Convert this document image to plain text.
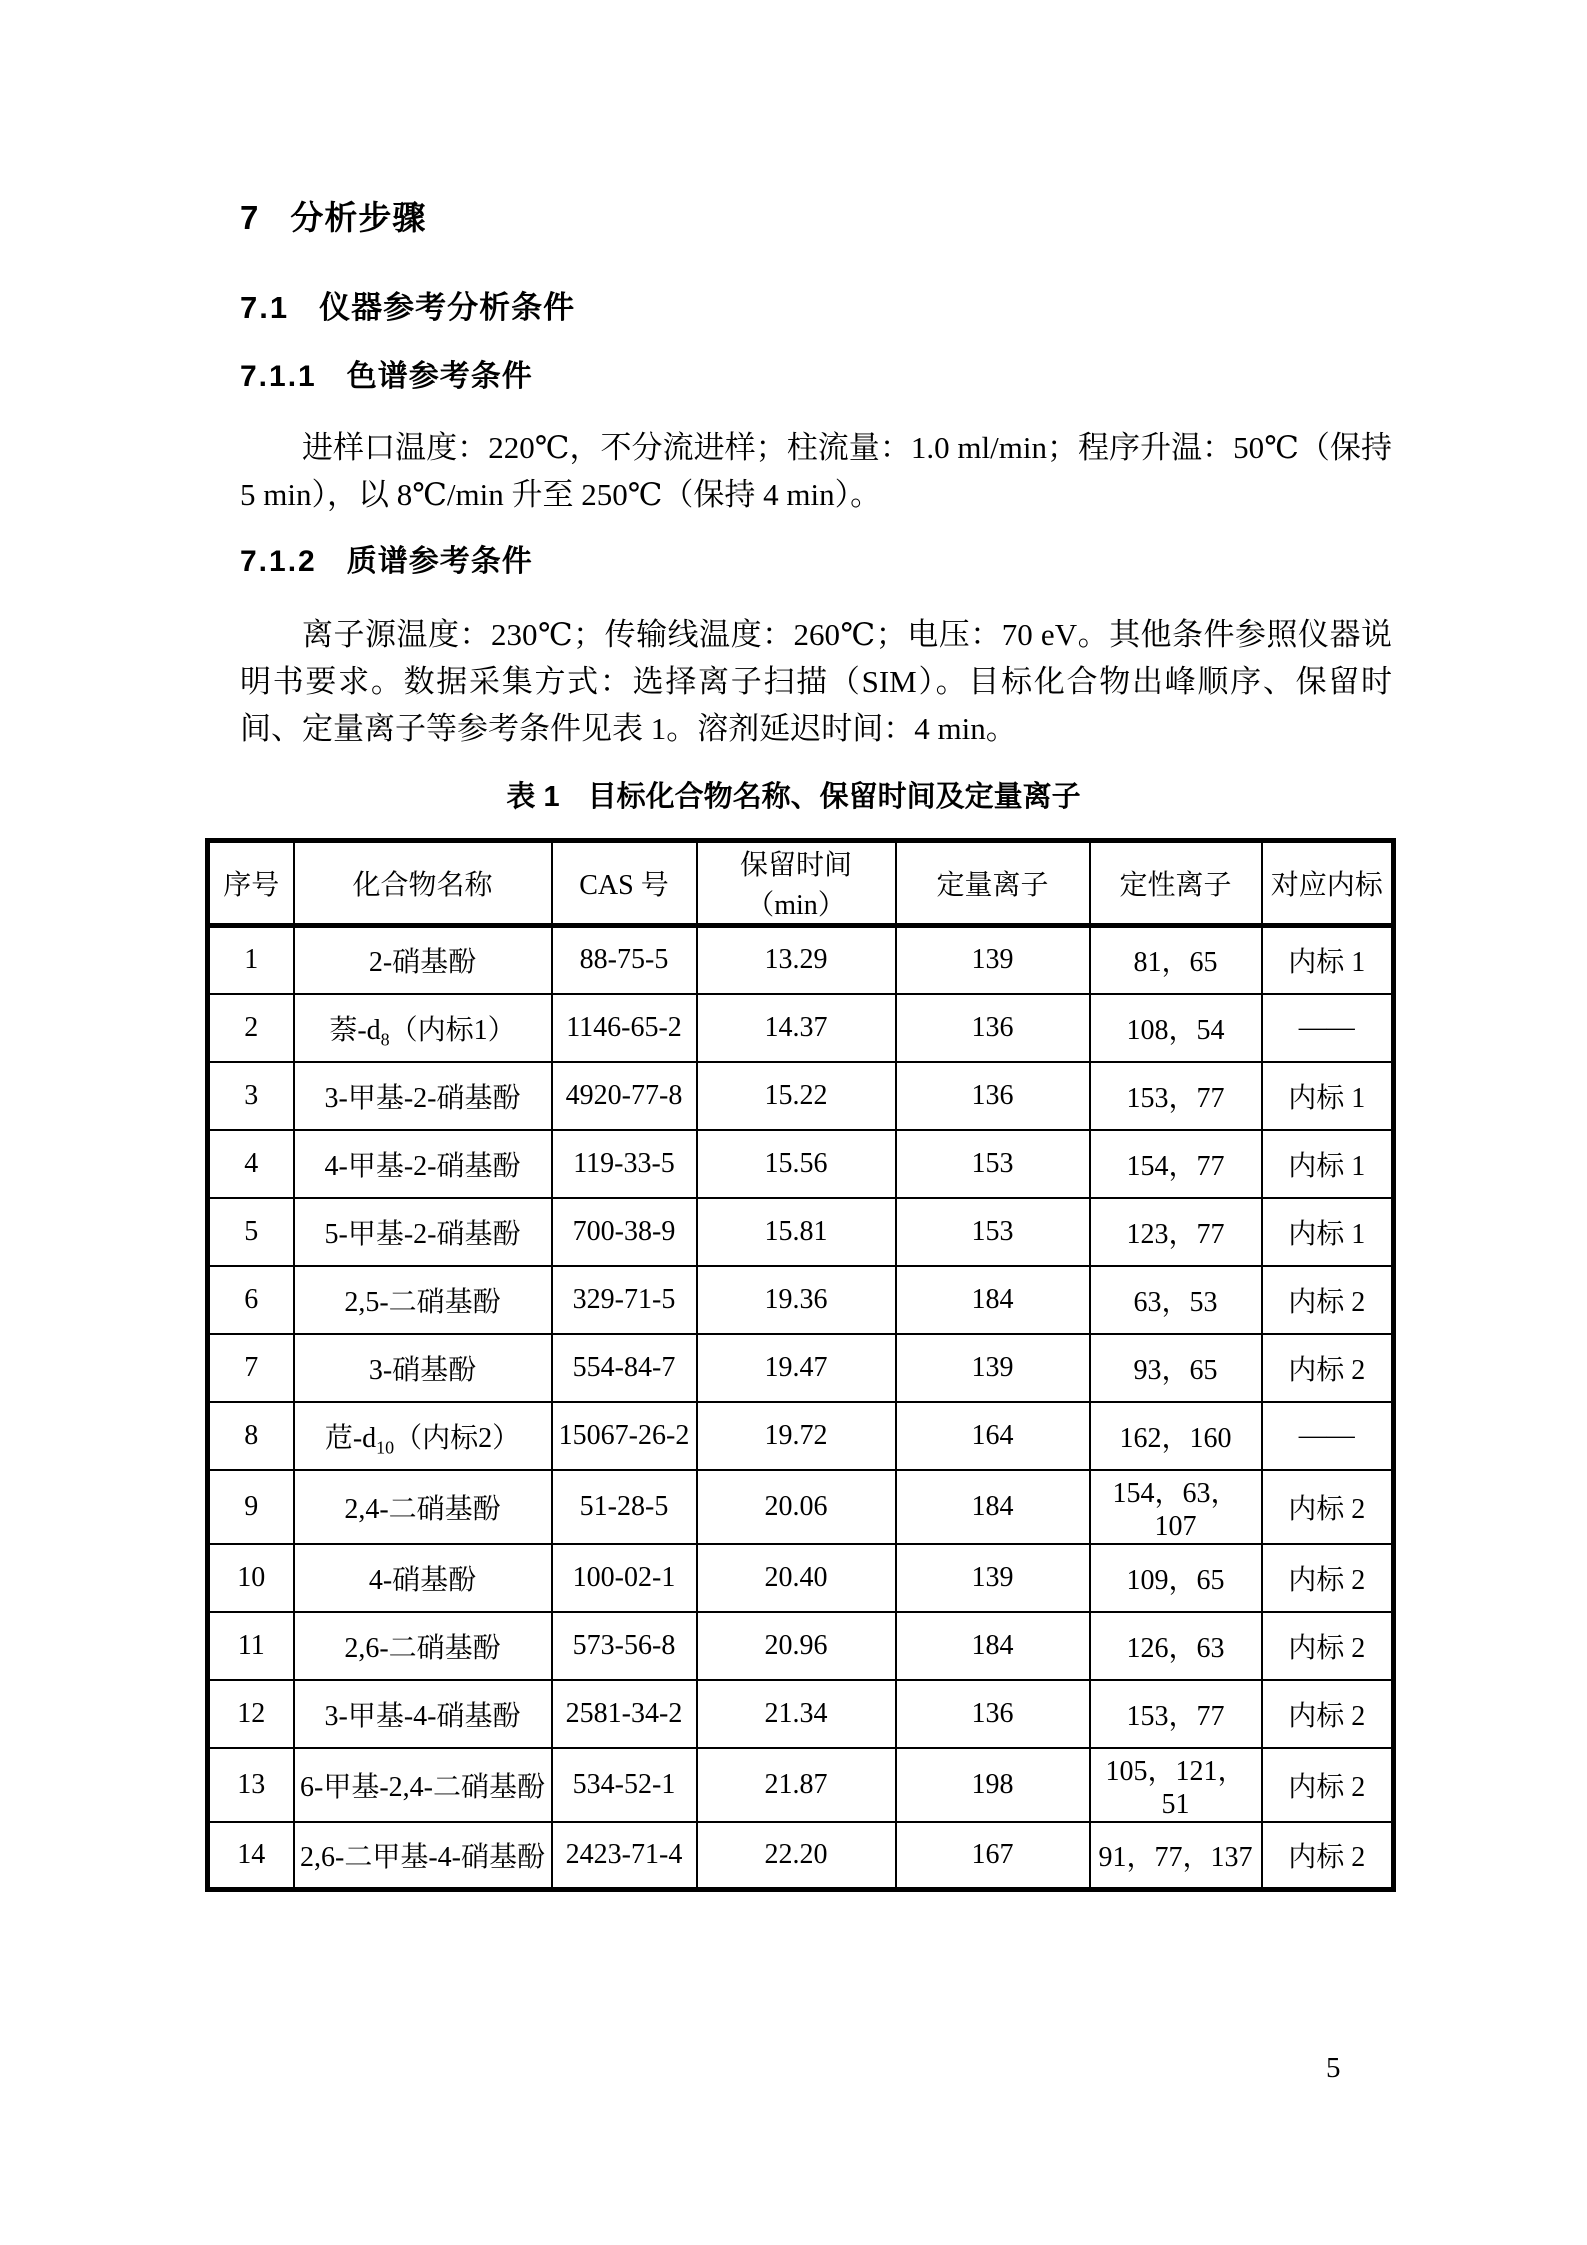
7 分析步骤
7.1 仪器参考分析条件
7.1.1 色谱参考条件

进样口温度：220℃，不分流进样；柱流量：1.0 ml/min；程序升温：50℃（保持 5 min），以 8℃/min 升至 250℃（保持 4 min）。

7.1.2 质谱参考条件

离子源温度：230℃；传输线温度：260℃；电压：70 eV。其他条件参照仪器说明书要求。数据采集方式：选择离子扫描（SIM）。目标化合物出峰顺序、保留时间、定量离子等参考条件见表 1。溶剂延迟时间：4 min。

表 1 目标化合物名称、保留时间及定量离子
序号	化合物名称	CAS 号	保留时间（min）	定量离子	定性离子	对应内标
1	2-硝基酚	88-75-5	13.29	139	81，65	内标 1
2	萘$-d_8$（内标1）	1146-65-2	14.37	136	108，54	——
3	3-甲基-2-硝基酚	4920-77-8	15.22	136	153，77	内标 1
4	4-甲基-2-硝基酚	119-33-5	15.56	153	154，77	内标 1
5	5-甲基-2-硝基酚	700-38-9	15.81	153	123，77	内标 1
6	2,5-二硝基酚	329-71-5	19.36	184	63，53	内标 2
7	3-硝基酚	554-84-7	19.47	139	93，65	内标 2
8	苊$-d_{10}$（内标2）	15067-26-2	19.72	164	162，160	——
9	2,4-二硝基酚	51-28-5	20.06	184	154，63，107	内标 2
10	4-硝基酚	100-02-1	20.40	139	109，65	内标 2
11	2,6-二硝基酚	573-56-8	20.96	184	126，63	内标 2
12	3-甲基-4-硝基酚	2581-34-2	21.34	136	153，77	内标 2
13	6-甲基-2,4-二硝基酚	534-52-1	21.87	198	105，121，51	内标 2
14	2,6-二甲基-4-硝基酚	2423-71-4	22.20	167	91，77，137	内标 2
5
